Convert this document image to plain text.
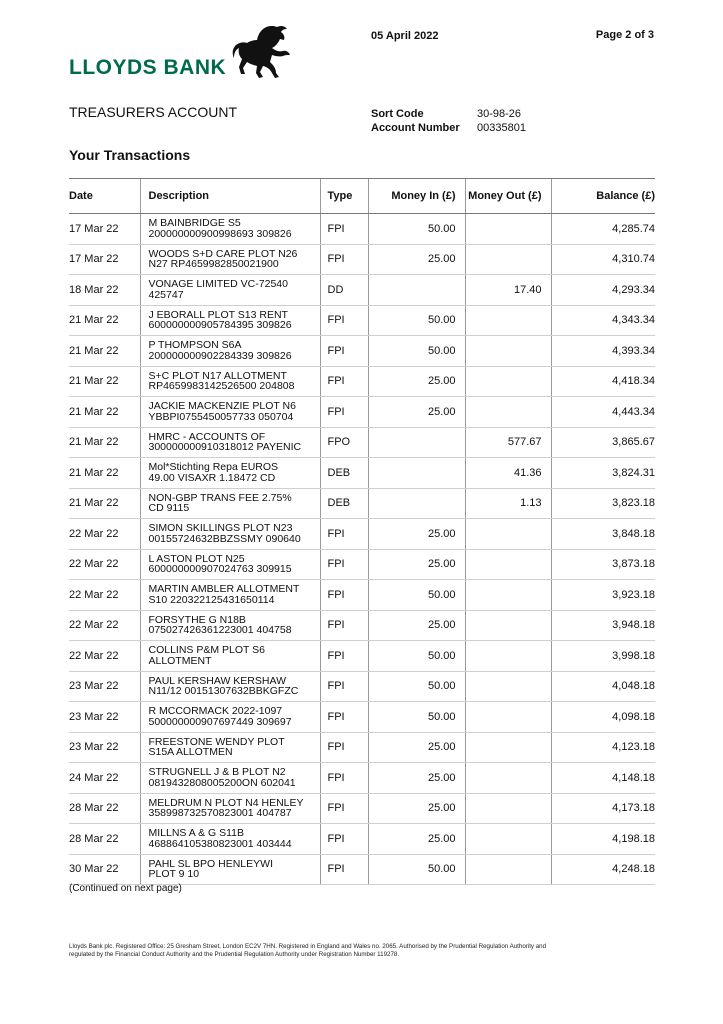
LLOYDS BANK
05 April 2022	Page 2 of 3
TREASURERS ACCOUNT	Sort Code	30-98-26
Account Number	00335801
Your Transactions
Date	Description	Type	Money In (£)	Money Out (£)	Balance (£)
17 Mar 22	M BAINBRIDGE S5
200000000900998693 309826	FPI	50.00		4,285.74
17 Mar 22	WOODS S+D CARE PLOT N26
N27 RP4659982850021900	FPI	25.00		4,310.74
18 Mar 22	VONAGE LIMITED VC-72540
425747	DD		17.40	4,293.34
21 Mar 22	J EBORALL PLOT S13 RENT
600000000905784395 309826	FPI	50.00		4,343.34
21 Mar 22	P THOMPSON S6A
200000000902284339 309826	FPI	50.00		4,393.34
21 Mar 22	S+C PLOT N17 ALLOTMENT
RP4659983142526500 204808	FPI	25.00		4,418.34
21 Mar 22	JACKIE MACKENZIE PLOT N6
YBBPI0755450057733 050704	FPI	25.00		4,443.34
21 Mar 22	HMRC - ACCOUNTS OF
300000000910318012 PAYENIC	FPO		577.67	3,865.67
21 Mar 22	Mol*Stichting Repa EUROS
49.00 VISAXR 1.18472 CD	DEB		41.36	3,824.31
21 Mar 22	NON-GBP TRANS FEE 2.75%
CD 9115	DEB		1.13	3,823.18
22 Mar 22	SIMON SKILLINGS PLOT N23
00155724632BBZSSMY 090640	FPI	25.00		3,848.18
22 Mar 22	L ASTON PLOT N25
600000000907024763 309915	FPI	25.00		3,873.18
22 Mar 22	MARTIN AMBLER ALLOTMENT
S10 220322125431650114	FPI	50.00		3,923.18
22 Mar 22	FORSYTHE G N18B
075027426361223001 404758	FPI	25.00		3,948.18
22 Mar 22	COLLINS P&M PLOT S6
ALLOTMENT	FPI	50.00		3,998.18
23 Mar 22	PAUL KERSHAW KERSHAW
N11/12 00151307632BBKGFZC	FPI	50.00		4,048.18
23 Mar 22	R MCCORMACK 2022-1097
500000000907697449 309697	FPI	50.00		4,098.18
23 Mar 22	FREESTONE WENDY PLOT
S15A ALLOTMEN	FPI	25.00		4,123.18
24 Mar 22	STRUGNELL J & B PLOT N2
0819432808005200ON 602041	FPI	25.00		4,148.18
28 Mar 22	MELDRUM N PLOT N4 HENLEY
358998732570823001 404787	FPI	25.00		4,173.18
28 Mar 22	MILLNS A & G S11B
468864105380823001 403444	FPI	25.00		4,198.18
30 Mar 22	PAHL SL BPO HENLEYWI
PLOT 9 10	FPI	50.00		4,248.18
(Continued on next page)
Lloyds Bank plc. Registered Office: 25 Gresham Street, London EC2V 7HN. Registered in England and Wales no. 2065. Authorised by the Prudential Regulation Authority and regulated by the Financial Conduct Authority and the Prudential Regulation Authority under Registration Number 119278.
